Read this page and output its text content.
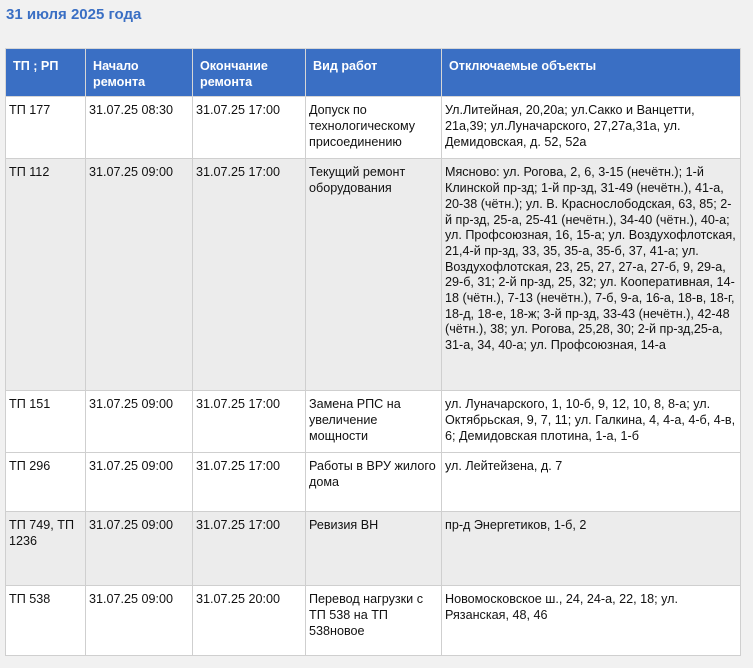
31 июля 2025 года
ТП ; РП	Начало ремонта	Окончание ремонта	Вид работ	Отключаемые объекты
ТП 177	31.07.25 08:30	31.07.25 17:00	Допуск по технологическому присоединению	Ул.Литейная, 20,20а; ул.Сакко и Ванцетти, 21а,39; ул.Луначарского, 27,27а,31а, ул. Демидовская, д. 52, 52а
ТП 112	31.07.25 09:00	31.07.25 17:00	Текущий ремонт оборудования	Мясново: ул. Рогова, 2, 6, 3-15 (нечётн.); 1-й Клинской пр-зд; 1-й пр-зд, 31-49 (нечётн.), 41-а, 20-38 (чётн.); ул. В. Краснослободская, 63, 85; 2-й пр-зд, 25-а, 25-41 (нечётн.), 34-40 (чётн.), 40-а; ул. Профсоюзная, 16, 15-а; ул. Воздухофлотская, 21,4-й пр-зд, 33, 35, 35-а, 35-б, 37, 41-а; ул. Воздухофлотская, 23, 25, 27, 27-а, 27-б, 9, 29-а, 29-б, 31; 2-й пр-зд, 25, 32; ул. Кооперативная, 14-18 (чётн.), 7-13 (нечётн.), 7-б, 9-а, 16-а, 18-в, 18-г, 18-д, 18-е, 18-ж; 3-й пр-зд, 33-43 (нечётн.), 42-48 (чётн.), 38; ул. Рогова, 25,28, 30; 2-й пр-зд,25-а, 31-а, 34, 40-а; ул. Профсоюзная, 14-а
ТП 151	31.07.25 09:00	31.07.25 17:00	Замена РПС на увеличение мощности	ул. Луначарского, 1, 10-б, 9, 12, 10, 8, 8-а; ул. Октябрьская, 9, 7, 11; ул. Галкина, 4, 4-а, 4-б, 4-в, 6; Демидовская плотина, 1-а, 1-б
ТП 296	31.07.25 09:00	31.07.25 17:00	Работы в ВРУ жилого дома	ул. Лейтейзена, д. 7
ТП 749, ТП 1236	31.07.25 09:00	31.07.25 17:00	Ревизия ВН	пр-д Энергетиков, 1-б, 2
ТП 538	31.07.25 09:00	31.07.25 20:00	Перевод нагрузки с ТП 538 на ТП 538новое	Новомосковское ш., 24, 24-а, 22, 18; ул. Рязанская, 48, 46
